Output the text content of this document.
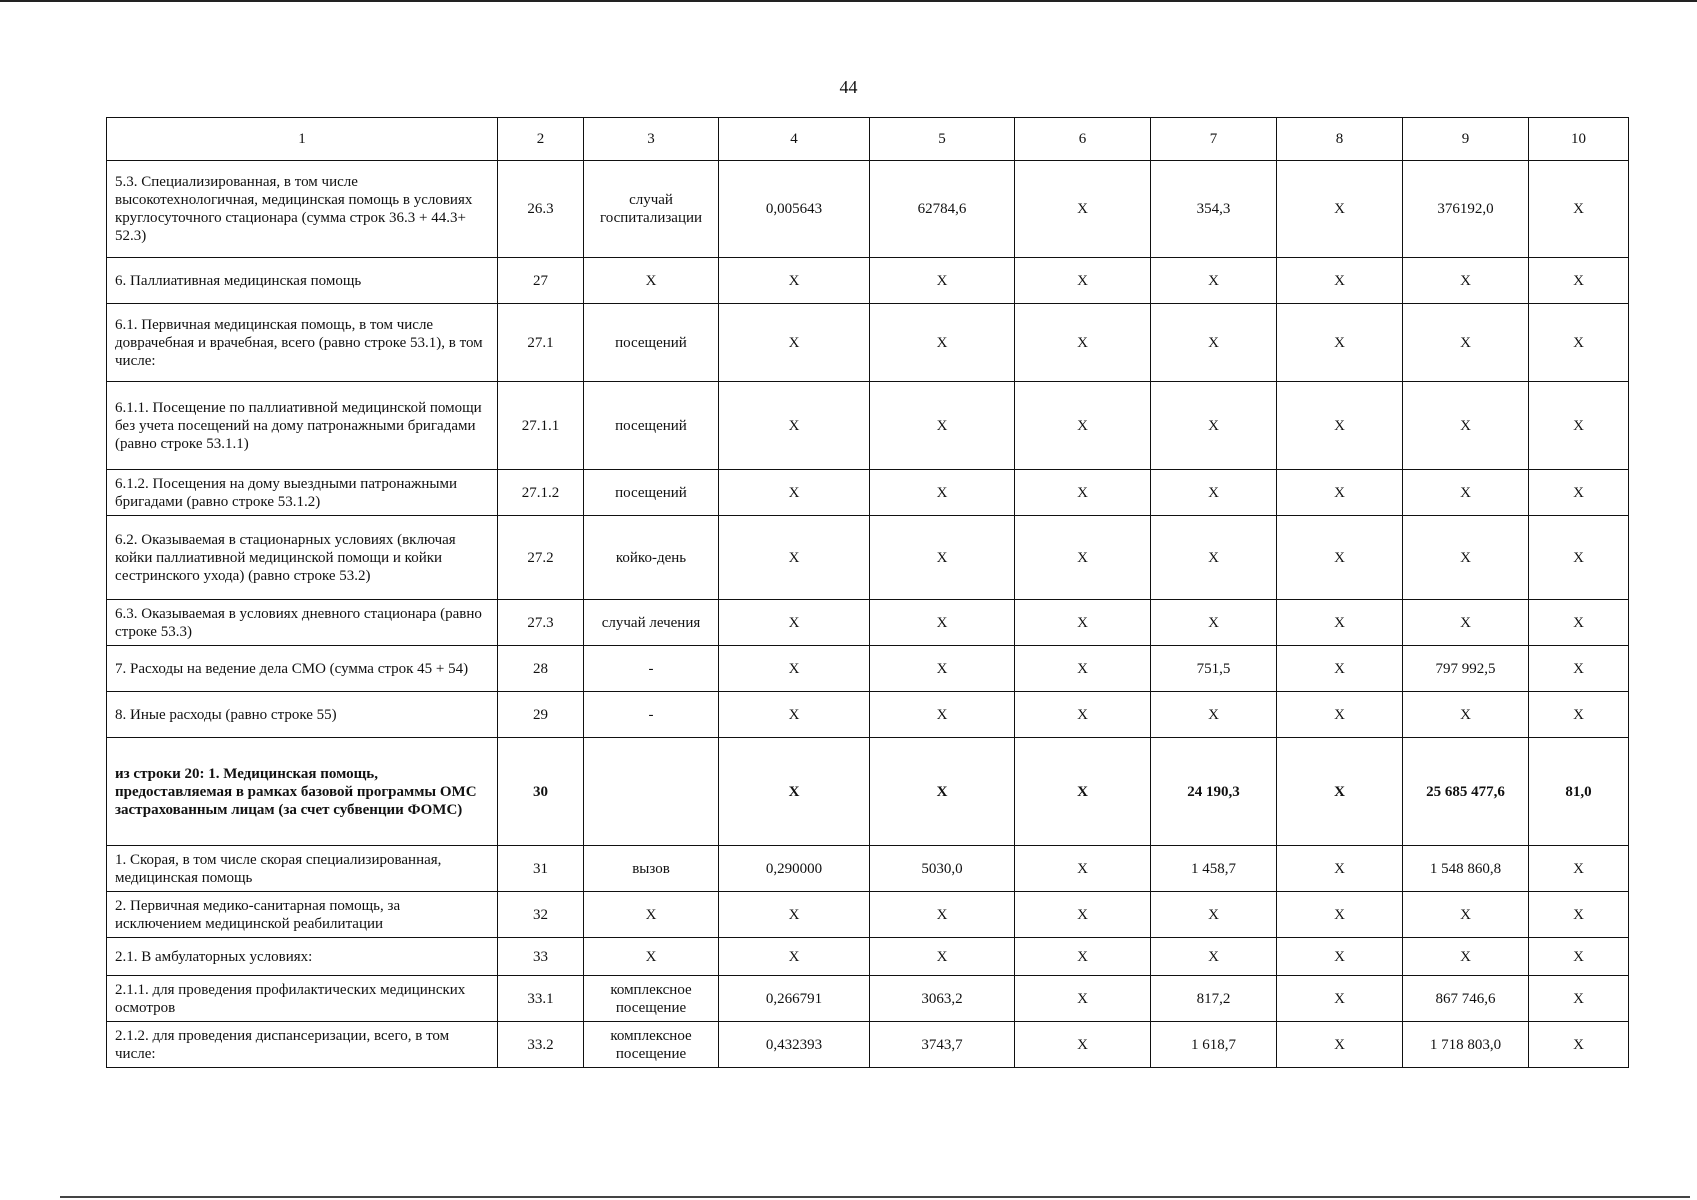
44
1	2	3	4	5	6	7	8	9	10
5.3. Специализированная, в том числе высокотехнологичная, медицинская помощь в условиях круглосуточного стационара (сумма строк 36.3 + 44.3+ 52.3)	26.3	случай госпитализации	0,005643	62784,6	X	354,3	X	376192,0	X
6. Паллиативная медицинская помощь	27	X	X	X	X	X	X	X	X
6.1. Первичная медицинская помощь, в том числе доврачебная и врачебная, всего (равно строке 53.1), в том числе:	27.1	посещений	X	X	X	X	X	X	X
6.1.1. Посещение по паллиативной медицинской помощи без учета посещений на дому патронажными бригадами (равно строке 53.1.1)	27.1.1	посещений	X	X	X	X	X	X	X
6.1.2. Посещения на дому выездными патронажными бригадами (равно строке 53.1.2)	27.1.2	посещений	X	X	X	X	X	X	X
6.2. Оказываемая в стационарных условиях (включая койки паллиативной медицинской помощи и койки сестринского ухода) (равно строке 53.2)	27.2	койко-день	X	X	X	X	X	X	X
6.3. Оказываемая в условиях дневного стационара (равно строке 53.3)	27.3	случай лечения	X	X	X	X	X	X	X
7. Расходы на ведение дела СМО (сумма строк 45 + 54)	28	-	X	X	X	751,5	X	797 992,5	X
8. Иные расходы (равно строке 55)	29	-	X	X	X	X	X	X	X
из строки 20: 1. Медицинская помощь, предоставляемая в рамках базовой программы ОМС застрахованным лицам (за счет субвенции ФОМС)	30		X	X	X	24 190,3	X	25 685 477,6	81,0
1. Скорая, в том числе скорая специализированная, медицинская помощь	31	вызов	0,290000	5030,0	X	1 458,7	X	1 548 860,8	X
2. Первичная медико-санитарная помощь, за исключением медицинской реабилитации	32	X	X	X	X	X	X	X	X
2.1. В амбулаторных условиях:	33	X	X	X	X	X	X	X	X
2.1.1. для проведения профилактических медицинских осмотров	33.1	комплексное посещение	0,266791	3063,2	X	817,2	X	867 746,6	X
2.1.2. для проведения диспансеризации, всего, в том числе:	33.2	комплексное посещение	0,432393	3743,7	X	1 618,7	X	1 718 803,0	X
